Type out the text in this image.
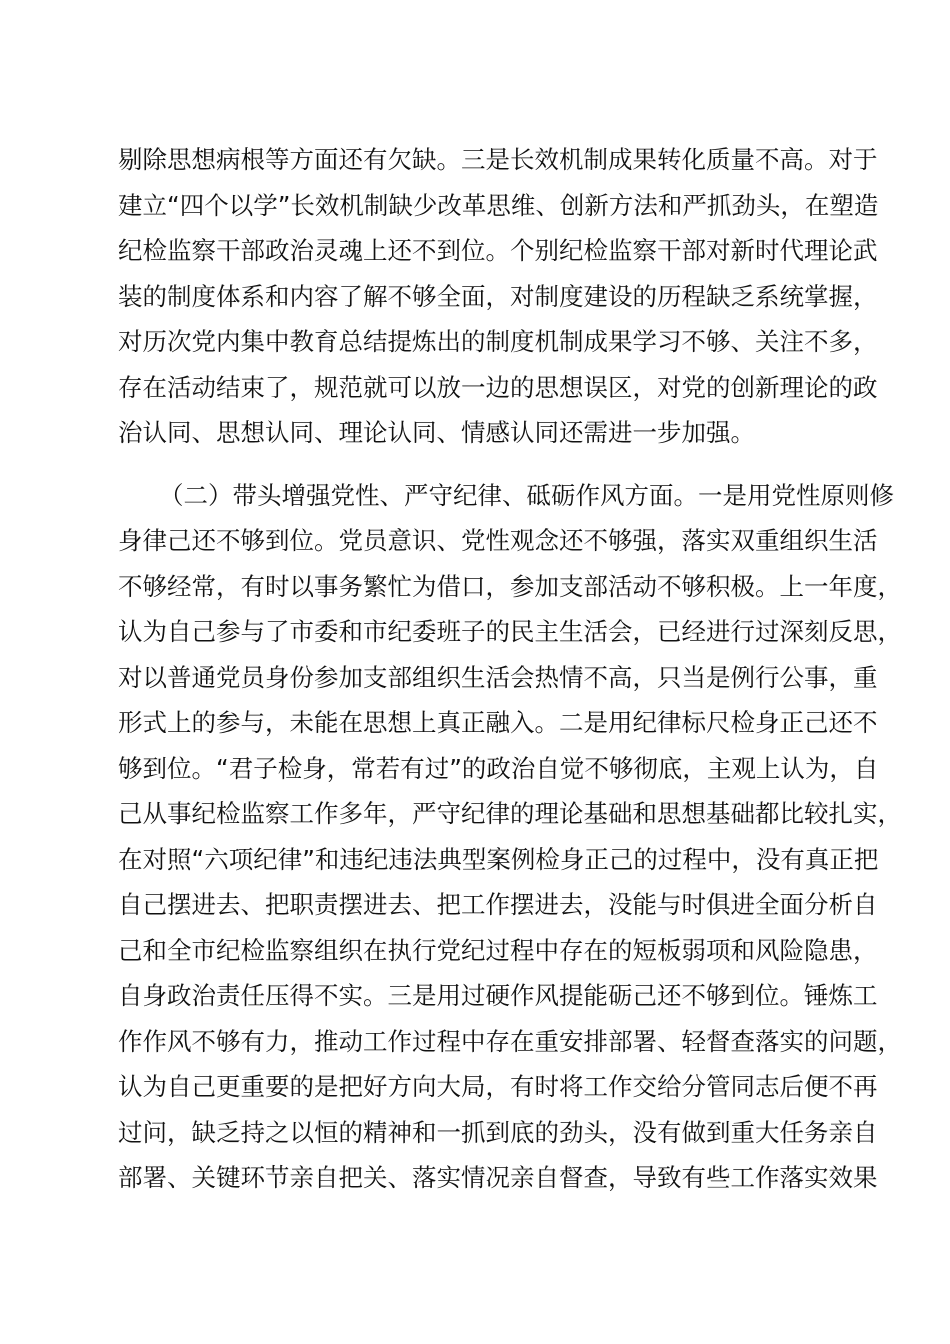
剔除思想病根等方面还有欠缺。三是长效机制成果转化质量不高。对于
建立“四个以学”长效机制缺少改革思维、创新方法和严抓劲头，在塑造
纪检监察干部政治灵魂上还不到位。个别纪检监察干部对新时代理论武
装的制度体系和内容了解不够全面，对制度建设的历程缺乏系统掌握，
对历次党内集中教育总结提炼出的制度机制成果学习不够、关注不多，
存在活动结束了，规范就可以放一边的思想误区，对党的创新理论的政
治认同、思想认同、理论认同、情感认同还需进一步加强。
（二）带头增强党性、严守纪律、砥砺作风方面。一是用党性原则修
身律己还不够到位。党员意识、党性观念还不够强，落实双重组织生活
不够经常，有时以事务繁忙为借口，参加支部活动不够积极。上一年度，
认为自己参与了市委和市纪委班子的民主生活会，已经进行过深刻反思，
对以普通党员身份参加支部组织生活会热情不高，只当是例行公事，重
形式上的参与，未能在思想上真正融入。二是用纪律标尺检身正己还不
够到位。“君子检身，常若有过”的政治自觉不够彻底，主观上认为，自
己从事纪检监察工作多年，严守纪律的理论基础和思想基础都比较扎实，
在对照“六项纪律”和违纪违法典型案例检身正己的过程中，没有真正把
自己摆进去、把职责摆进去、把工作摆进去，没能与时俱进全面分析自
己和全市纪检监察组织在执行党纪过程中存在的短板弱项和风险隐患，
自身政治责任压得不实。三是用过硬作风提能砺己还不够到位。锤炼工
作作风不够有力，推动工作过程中存在重安排部署、轻督查落实的问题，
认为自己更重要的是把好方向大局，有时将工作交给分管同志后便不再
过问，缺乏持之以恒的精神和一抓到底的劲头，没有做到重大任务亲自
部署、关键环节亲自把关、落实情况亲自督查，导致有些工作落实效果
